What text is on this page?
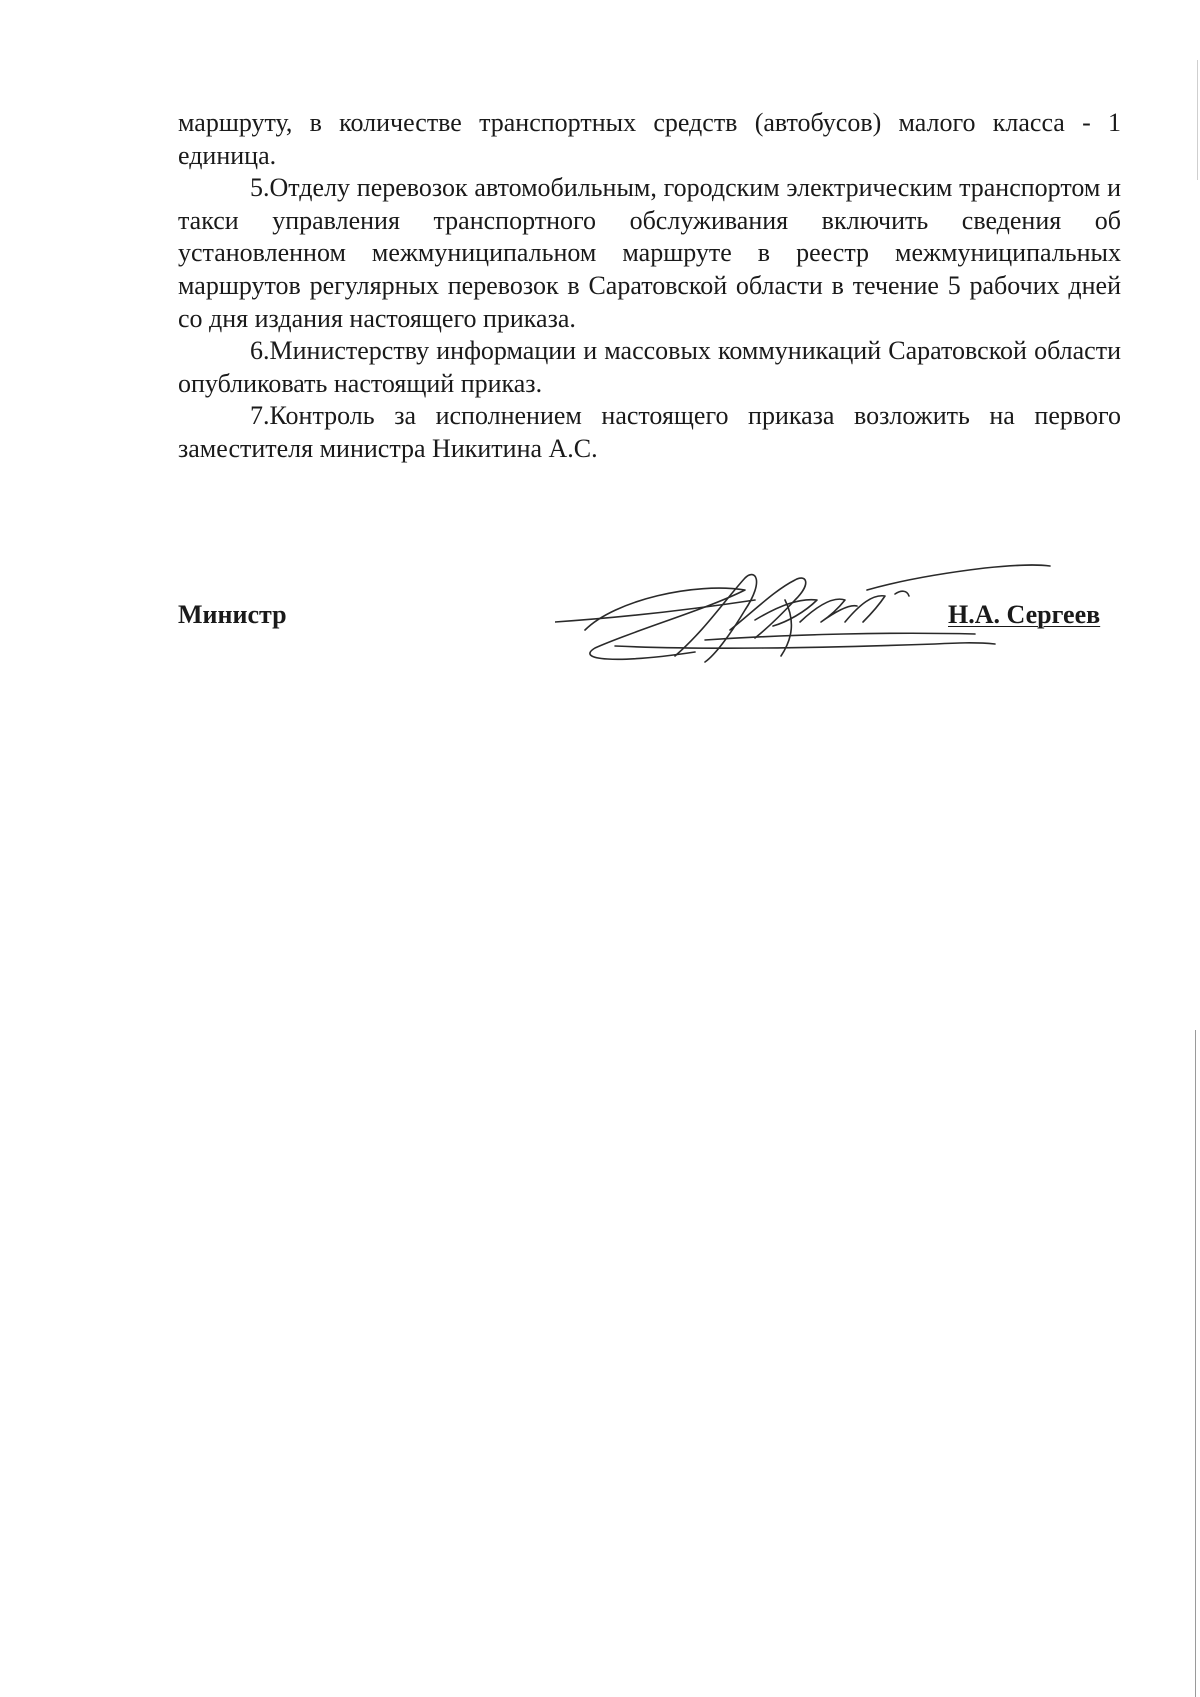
маршруту, в количестве транспортных средств (автобусов) малого класса - 1 единица.

5.Отделу перевозок автомобильным, городским электрическим транспортом и такси управления транспортного обслуживания включить сведения об установленном межмуниципальном маршруте в реестр межмуниципальных маршрутов регулярных перевозок в Саратовской области в течение 5 рабочих дней со дня издания настоящего приказа.

6.Министерству информации и массовых коммуникаций Саратовской области опубликовать настоящий приказ.

7.Контроль за исполнением настоящего приказа возложить на первого заместителя министра Никитина А.С.

Министр	Н.А. Сергеев
